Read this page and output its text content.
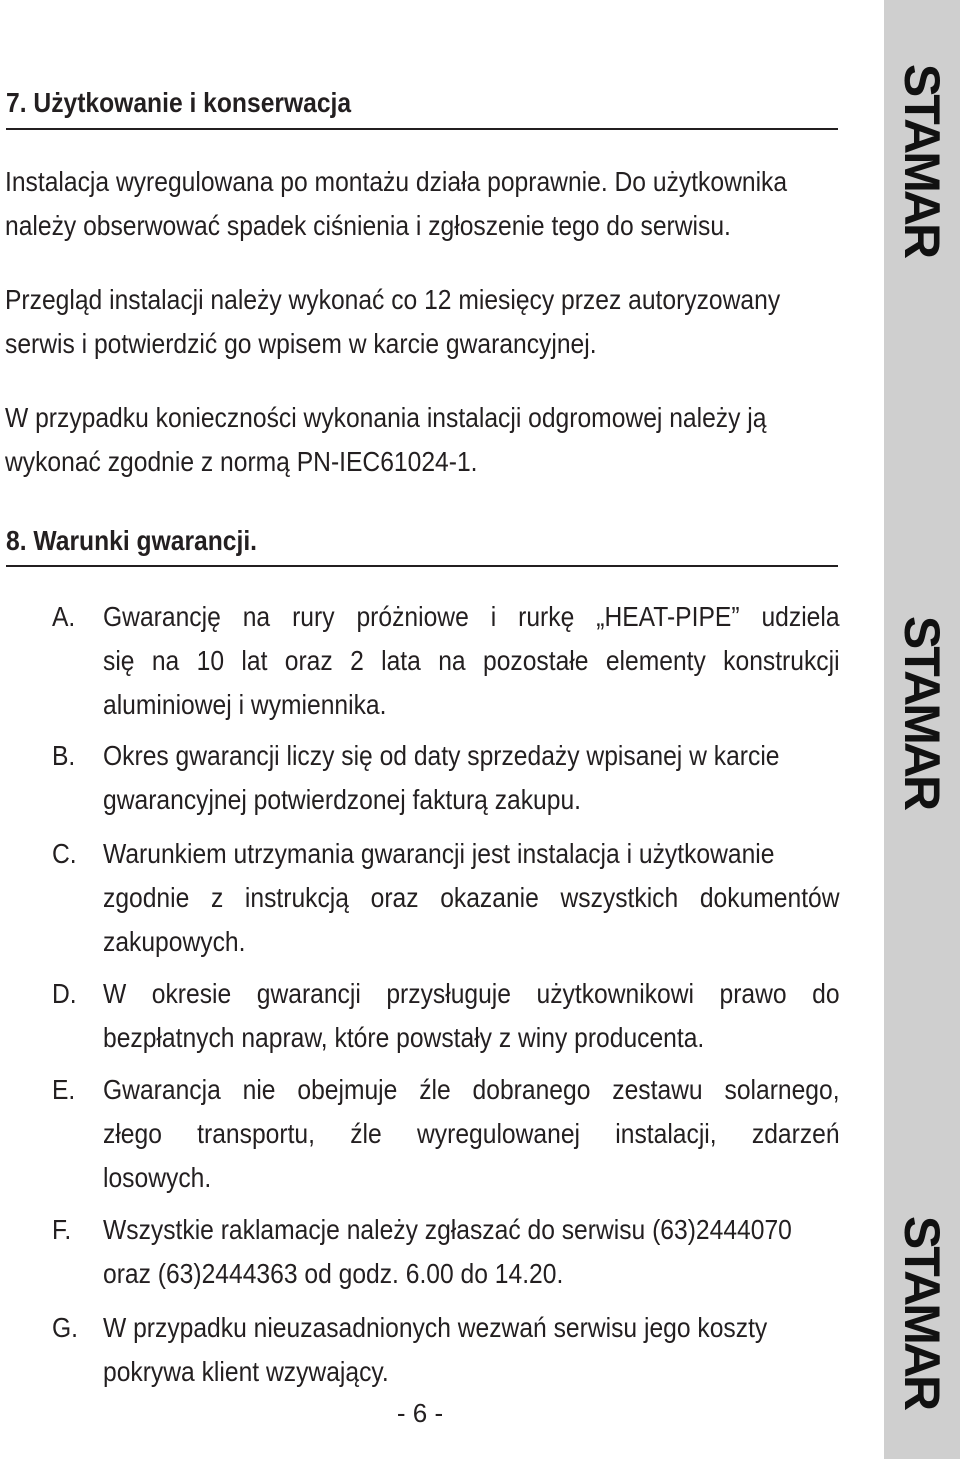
7. Użytkowanie i konserwacja
Instalacja wyregulowana po montażu działa poprawnie. Do użytkownika
należy obserwować spadek ciśnienia i zgłoszenie tego do serwisu.
Przegląd instalacji należy wykonać co 12 miesięcy przez autoryzowany
serwis i potwierdzić go wpisem w karcie gwarancyjnej.
W przypadku konieczności wykonania instalacji odgromowej należy ją
wykonać zgodnie z normą PN-IEC61024-1.
8. Warunki gwarancji.
A. Gwarancję na rury próżniowe i rurkę „HEAT-PIPE” udziela
się na 10 lat oraz 2 lata na pozostałe elementy konstrukcji
aluminiowej i wymiennika.
B. Okres gwarancji liczy się od daty sprzedaży wpisanej w karcie
gwarancyjnej potwierdzonej fakturą zakupu.
C. Warunkiem utrzymania gwarancji jest instalacja i użytkowanie
zgodnie z instrukcją oraz okazanie wszystkich dokumentów
zakupowych.
D. W okresie gwarancji przysługuje użytkownikowi prawo do
bezpłatnych napraw, które powstały z winy producenta.
E. Gwarancja nie obejmuje źle dobranego zestawu solarnego,
złego transportu, źle wyregulowanej instalacji, zdarzeń
losowych.
F. Wszystkie raklamacje należy zgłaszać do serwisu (63)2444070
oraz (63)2444363 od godz. 6.00 do 14.20.
G. W przypadku nieuzasadnionych wezwań serwisu jego koszty
pokrywa klient wzywający.
- 6 -
STAMAR
STAMAR
STAMAR
